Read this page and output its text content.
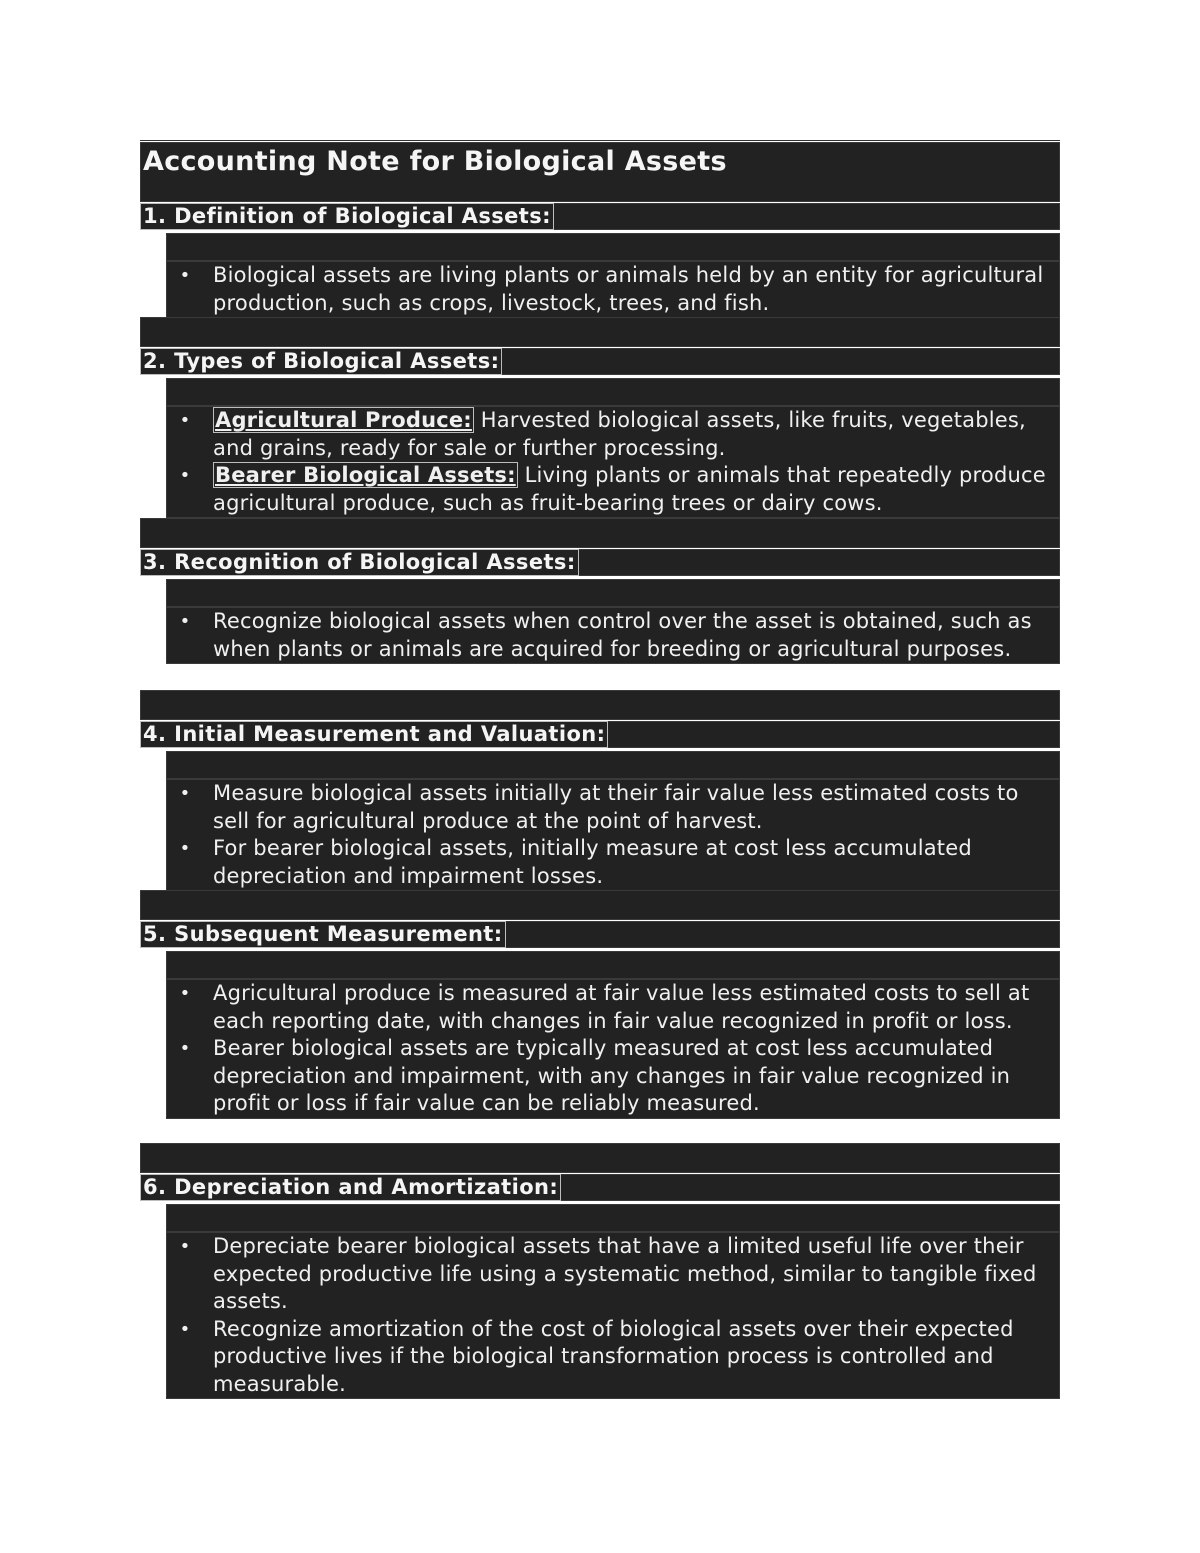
Accounting Note for Biological Assets
1. Definition of Biological Assets:
• Biological assets are living plants or animals held by an entity for agricultural production, such as crops, livestock, trees, and fish.
2. Types of Biological Assets:
• Agricultural Produce: Harvested biological assets, like fruits, vegetables, and grains, ready for sale or further processing.
• Bearer Biological Assets: Living plants or animals that repeatedly produce agricultural produce, such as fruit-bearing trees or dairy cows.
3. Recognition of Biological Assets:
• Recognize biological assets when control over the asset is obtained, such as when plants or animals are acquired for breeding or agricultural purposes.
4. Initial Measurement and Valuation:
• Measure biological assets initially at their fair value less estimated costs to sell for agricultural produce at the point of harvest.
• For bearer biological assets, initially measure at cost less accumulated depreciation and impairment losses.
5. Subsequent Measurement:
• Agricultural produce is measured at fair value less estimated costs to sell at each reporting date, with changes in fair value recognized in profit or loss.
• Bearer biological assets are typically measured at cost less accumulated depreciation and impairment, with any changes in fair value recognized in profit or loss if fair value can be reliably measured.
6. Depreciation and Amortization:
• Depreciate bearer biological assets that have a limited useful life over their expected productive life using a systematic method, similar to tangible fixed assets.
• Recognize amortization of the cost of biological assets over their expected productive lives if the biological transformation process is controlled and measurable.
